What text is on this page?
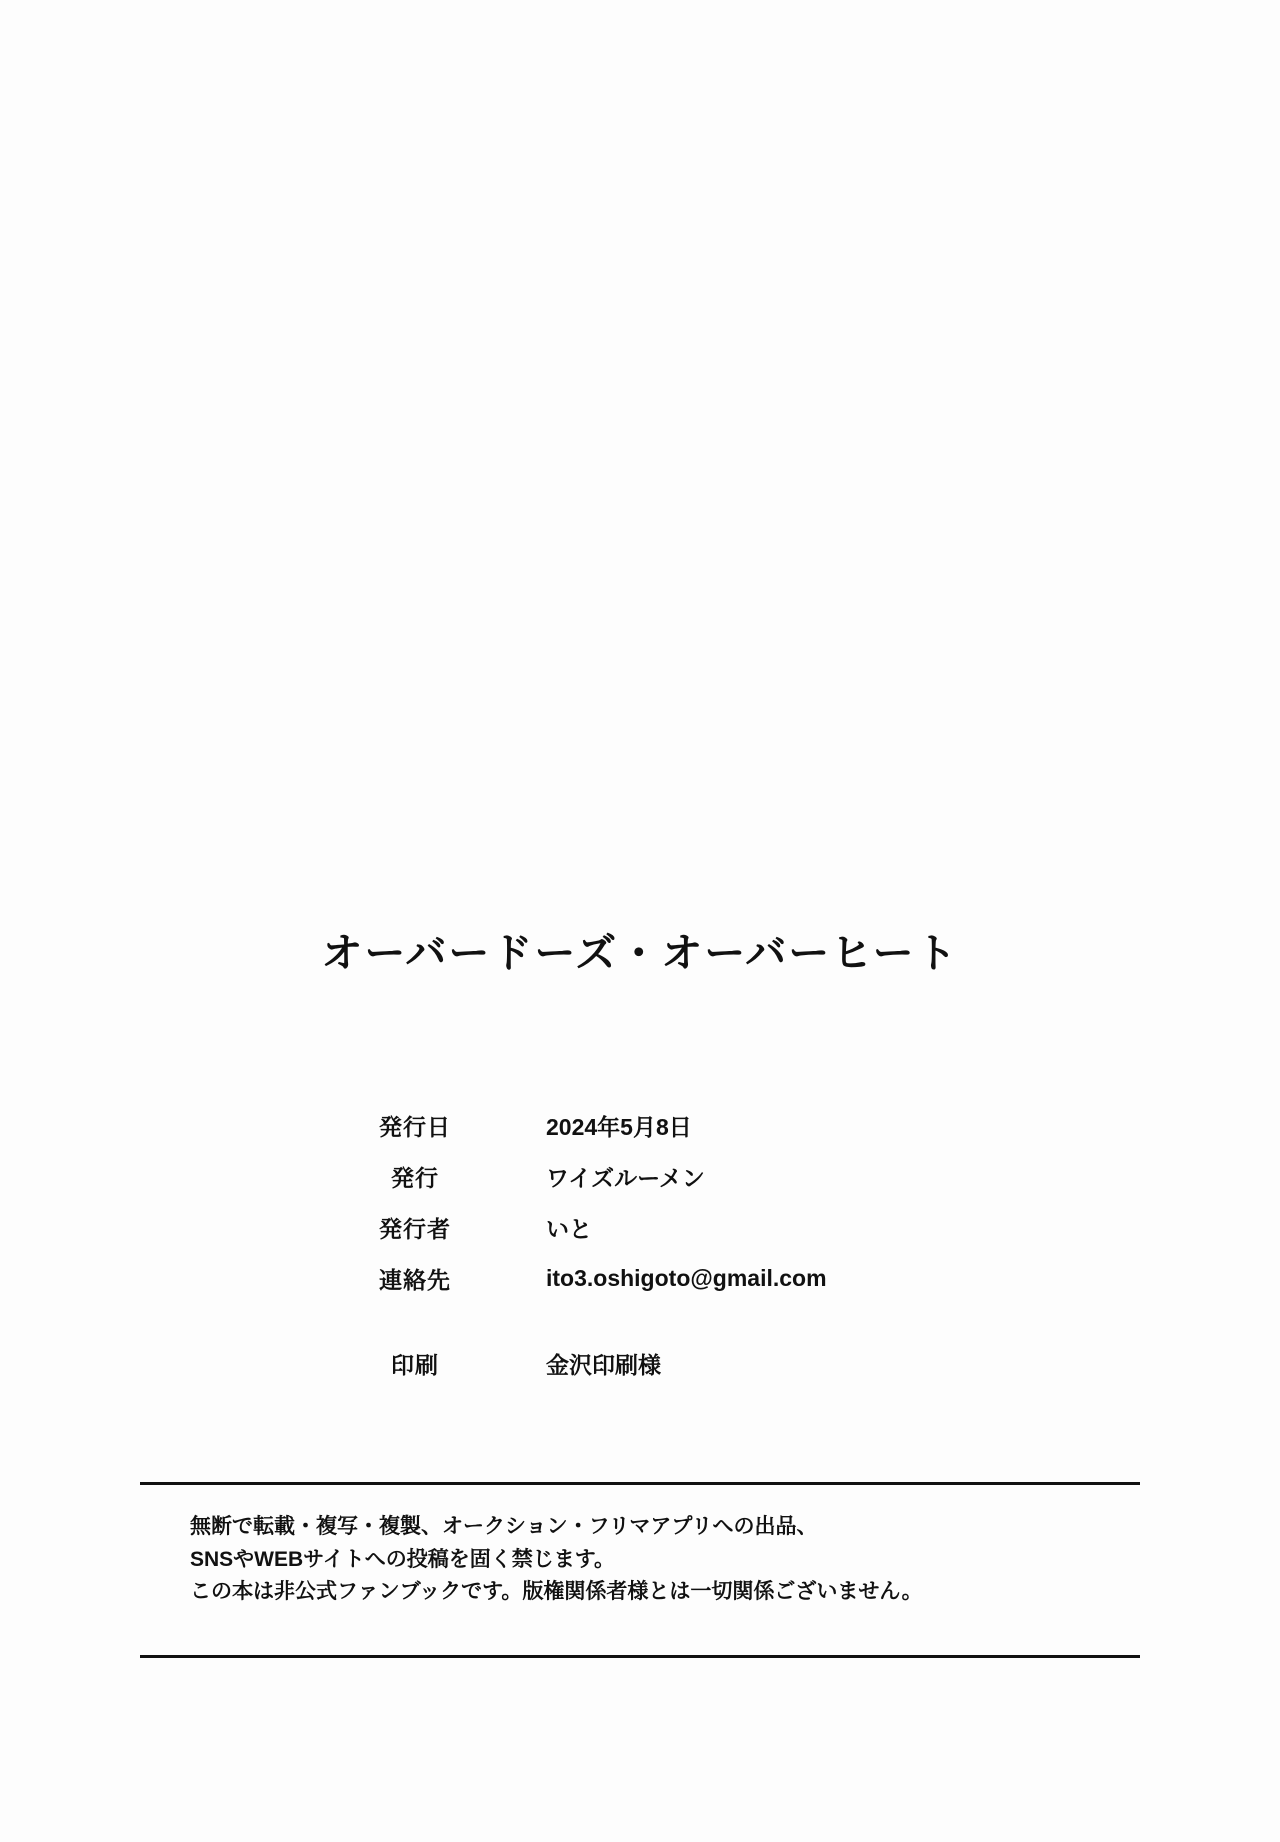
オーバードーズ・オーバーヒート
発行日	2024年5月8日
発行	ワイズルーメン
発行者	いと
連絡先	ito3.oshigoto@gmail.com

印刷	金沢印刷様
無断で転載・複写・複製、オークション・フリマアプリへの出品、
SNSやWEBサイトへの投稿を固く禁じます。
この本は非公式ファンブックです。版権関係者様とは一切関係ございません。
